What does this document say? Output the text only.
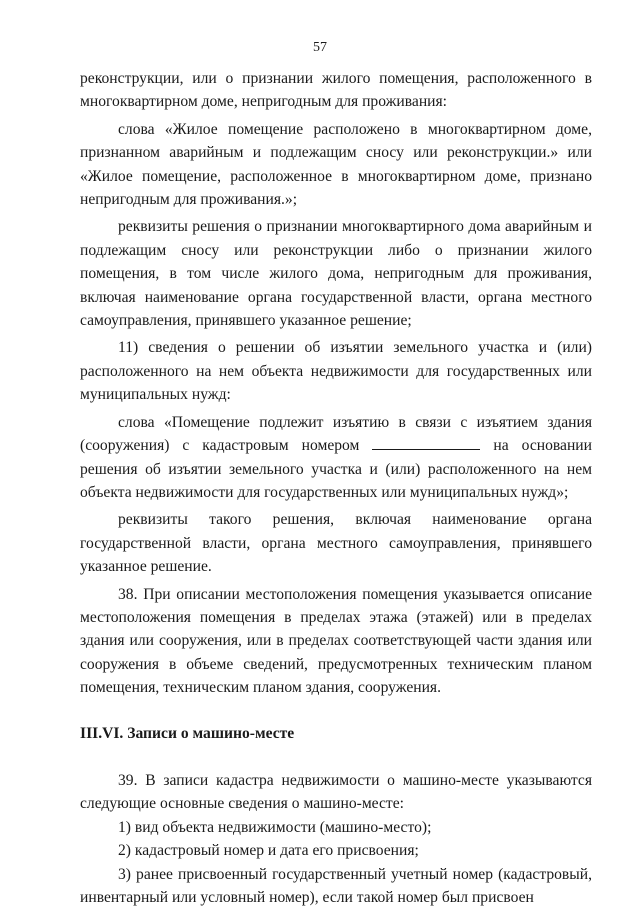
57

реконструкции, или о признании жилого помещения, расположенного в многоквартирном доме, непригодным для проживания:

слова «Жилое помещение расположено в многоквартирном доме, признанном аварийным и подлежащим сносу или реконструкции.» или «Жилое помещение, расположенное в многоквартирном доме, признано непригодным для проживания.»;

реквизиты решения о признании многоквартирного дома аварийным и подлежащим сносу или реконструкции либо о признании жилого помещения, в том числе жилого дома, непригодным для проживания, включая наименование органа государственной власти, органа местного самоуправления, принявшего указанное решение;

11) сведения о решении об изъятии земельного участка и (или) расположенного на нем объекта недвижимости для государственных или муниципальных нужд:

слова «Помещение подлежит изъятию в связи с изъятием здания (сооружения) с кадастровым номером	на основании решения об изъятии земельного участка и (или) расположенного на нем объекта недвижимости для государственных или муниципальных нужд»;

реквизиты такого решения, включая наименование органа государственной власти, органа местного самоуправления, принявшего указанное решение.

38. При описании местоположения помещения указывается описание местоположения помещения в пределах этажа (этажей) или в пределах здания или сооружения, или в пределах соответствующей части здания или сооружения в объеме сведений, предусмотренных техническим планом помещения, техническим планом здания, сооружения.

III.VI. Записи о машино-месте

39. В записи кадастра недвижимости о машино-месте указываются следующие основные сведения о машино-месте:

1) вид объекта недвижимости (машино-место);

2) кадастровый номер и дата его присвоения;

3) ранее присвоенный государственный учетный номер (кадастровый, инвентарный или условный номер), если такой номер был присвоен
